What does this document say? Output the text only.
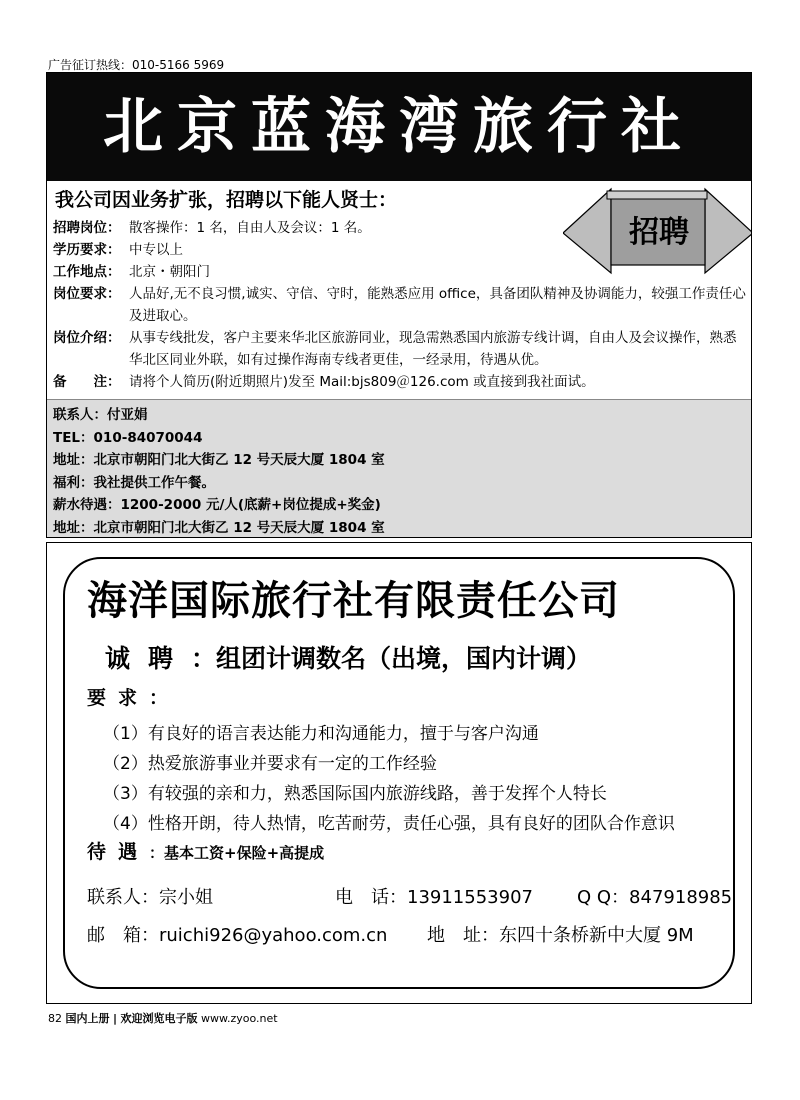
广告征订热线：010-5166 5969
北京蓝海湾旅行社
我公司因业务扩张，招聘以下能人贤士：
招聘
招聘岗位： 散客操作：1 名，自由人及会议：1 名。
学历要求： 中专以上
工作地点： 北京・朝阳门
岗位要求： 人品好,无不良习惯,诚实、守信、守时，能熟悉应用 office，具备团队精神及协调能力，较强工作责任心及进取心。
岗位介绍： 从事专线批发，客户主要来华北区旅游同业，现急需熟悉国内旅游专线计调，自由人及会议操作，熟悉华北区同业外联，如有过操作海南专线者更佳，一经录用，待遇从优。
备　　注： 请将个人简历(附近期照片)发至 Mail:bjs809＠126.com 或直接到我社面试。
联系人：付亚娟
TEL：010-84070044
地址：北京市朝阳门北大街乙 12 号天辰大厦 1804 室
福利：我社提供工作午餐。
薪水待遇：1200-2000 元/人(底薪+岗位提成+奖金)
地址：北京市朝阳门北大街乙 12 号天辰大厦 1804 室
海洋国际旅行社有限责任公司
诚聘：组团计调数名（出境，国内计调）
要求：
（1）有良好的语言表达能力和沟通能力，擅于与客户沟通
（2）热爱旅游事业并要求有一定的工作经验
（3）有较强的亲和力，熟悉国际国内旅游线路，善于发挥个人特长
（4）性格开朗，待人热情，吃苦耐劳，责任心强，具有良好的团队合作意识
待遇：基本工资+保险+高提成
联系人：宗小姐	电　话：13911553907 Q Q：847918985
邮　箱：ruichi926@yahoo.com.cn 地　址：东四十条桥新中大厦 9M
82 国内上册 | 欢迎浏览电子版 www.zyoo.net
